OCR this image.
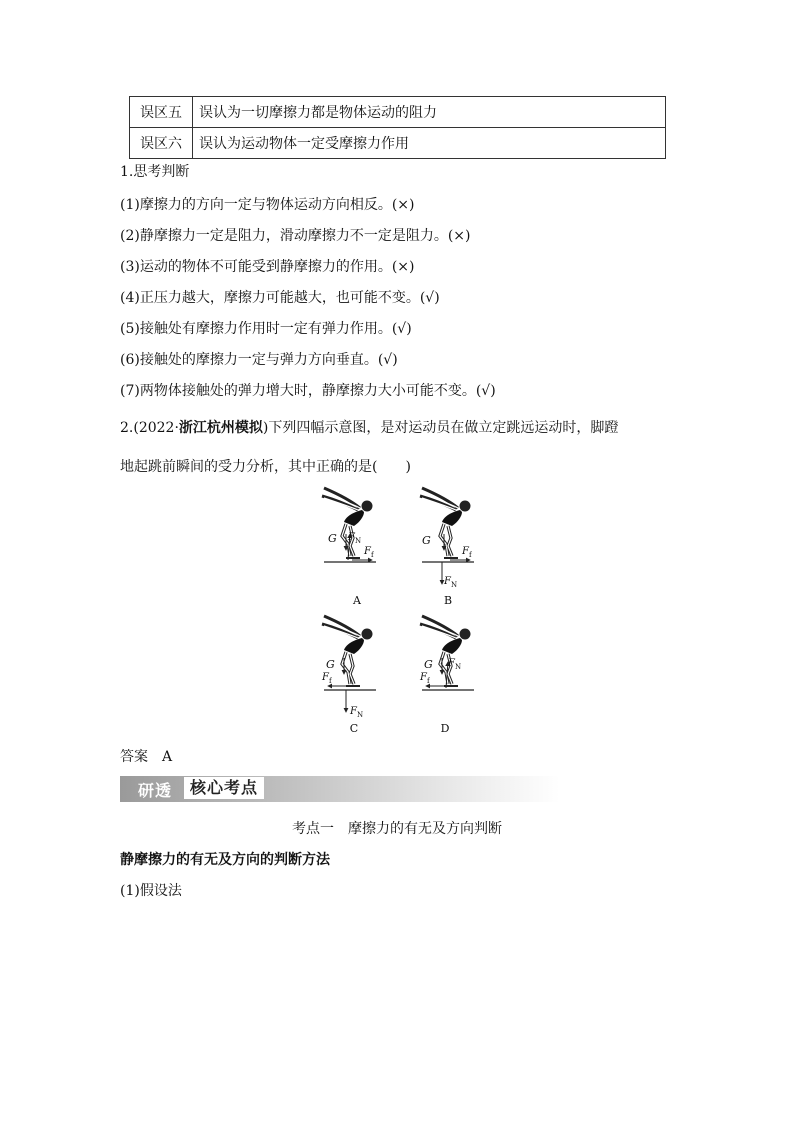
误区五	误认为一切摩擦力都是物体运动的阻力
误区六	误认为运动物体一定受摩擦力作用
1.思考判断
(1)摩擦力的方向一定与物体运动方向相反。(×)
(2)静摩擦力一定是阻力，滑动摩擦力不一定是阻力。(×)
(3)运动的物体不可能受到静摩擦力的作用。(×)
(4)正压力越大，摩擦力可能越大，也可能不变。(√)
(5)接触处有摩擦力作用时一定有弹力作用。(√)
(6)接触处的摩擦力一定与弹力方向垂直。(√)
(7)两物体接触处的弹力增大时，静摩擦力大小可能不变。(√)
2.(2022·浙江杭州模拟)下列四幅示意图，是对运动员在做立定跳远运动时，脚蹬
地起跳前瞬间的受力分析，其中正确的是(　　)
G $F_N$
$F_f$
A
G
$F_f$
$F_N$
B
G
$F_f$
$F_N$
C
G $F_N$
$F_f$
D
答案　A
研透	核心考点
考点一　摩擦力的有无及方向判断
静摩擦力的有无及方向的判断方法
(1)假设法
